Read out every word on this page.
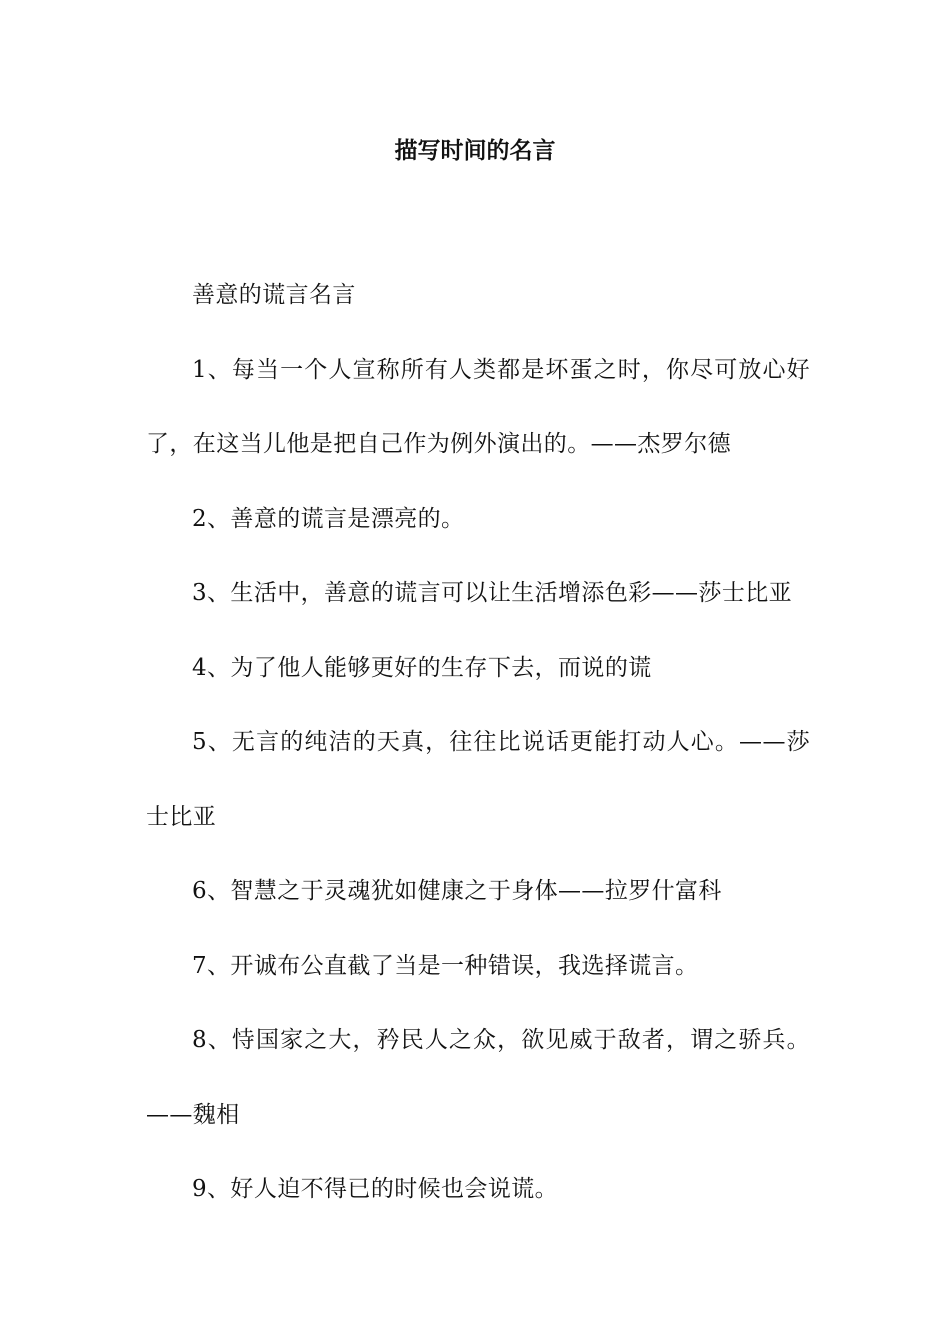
描写时间的名言

善意的谎言名言

1、每当一个人宣称所有人类都是坏蛋之时，你尽可放心好了，在这当儿他是把自己作为例外演出的。——杰罗尔德

2、善意的谎言是漂亮的。

3、生活中，善意的谎言可以让生活增添色彩——莎士比亚

4、为了他人能够更好的生存下去，而说的谎

5、无言的纯洁的天真，往往比说话更能打动人心。——莎士比亚

6、智慧之于灵魂犹如健康之于身体——拉罗什富科

7、开诚布公直截了当是一种错误，我选择谎言。

8、恃国家之大，矜民人之众，欲见威于敌者，谓之骄兵。——魏相

9、好人迫不得已的时候也会说谎。
